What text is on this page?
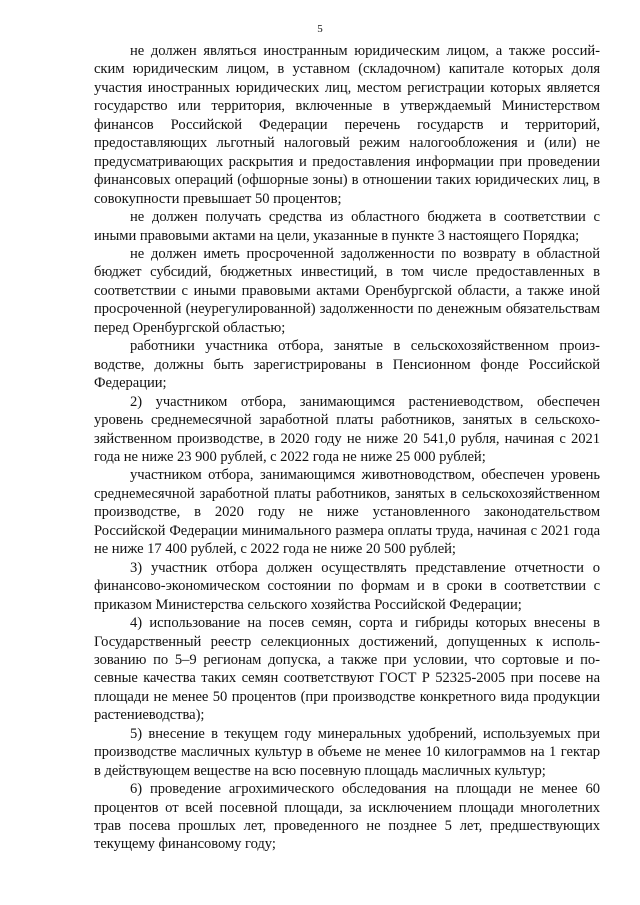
5

не должен являться иностранным юридическим лицом, а также российским юридическим лицом, в уставном (складочном) капитале которых доля участия иностранных юридических лиц, местом регистрации которых является государство или территория, включенные в утверждаемый Министерством финансов Российской Федерации перечень государств и территорий, предоставляющих льготный налоговый режим налогообложения и (или) не предусматривающих раскрытия и предоставления информации при проведении финансовых операций (офшорные зоны) в отношении таких юридических лиц, в совокупности превышает 50 процентов;

не должен получать средства из областного бюджета в соответствии с иными правовыми актами на цели, указанные в пункте 3 настоящего Порядка;

не должен иметь просроченной задолженности по возврату в областной бюджет субсидий, бюджетных инвестиций, в том числе предоставленных в соответствии с иными правовыми актами Оренбургской области, а также иной просроченной (неурегулированной) задолженности по денежным обязательствам перед Оренбургской областью;

работники участника отбора, занятые в сельскохозяйственном производстве, должны быть зарегистрированы в Пенсионном фонде Российской Федерации;

2) участником отбора, занимающимся растениеводством, обеспечен уровень среднемесячной заработной платы работников, занятых в сельскохозяйственном производстве, в 2020 году не ниже 20 541,0 рубля, начиная с 2021 года не ниже 23 900 рублей, с 2022 года не ниже 25 000 рублей;

участником отбора, занимающимся животноводством, обеспечен уровень среднемесячной заработной платы работников, занятых в сельскохозяйственном производстве, в 2020 году не ниже установленного законодательством Российской Федерации минимального размера оплаты труда, начиная с 2021 года не ниже 17 400 рублей, с 2022 года не ниже 20 500 рублей;

3) участник отбора должен осуществлять представление отчетности о финансово-экономическом состоянии по формам и в сроки в соответствии с приказом Министерства сельского хозяйства Российской Федерации;

4) использование на посев семян, сорта и гибриды которых внесены в Государственный реестр селекционных достижений, допущенных к использованию по 5–9 регионам допуска, а также при условии, что сортовые и посевные качества таких семян соответствуют ГОСТ Р 52325-2005 при посеве на площади не менее 50 процентов (при производстве конкретного вида продукции растениеводства);

5) внесение в текущем году минеральных удобрений, используемых при производстве масличных культур в объеме не менее 10 килограммов на 1 гектар в действующем веществе на всю посевную площадь масличных культур;

6) проведение агрохимического обследования на площади не менее 60 процентов от всей посевной площади, за исключением площади многолетних трав посева прошлых лет, проведенного не позднее 5 лет, предшествующих текущему финансовому году;
